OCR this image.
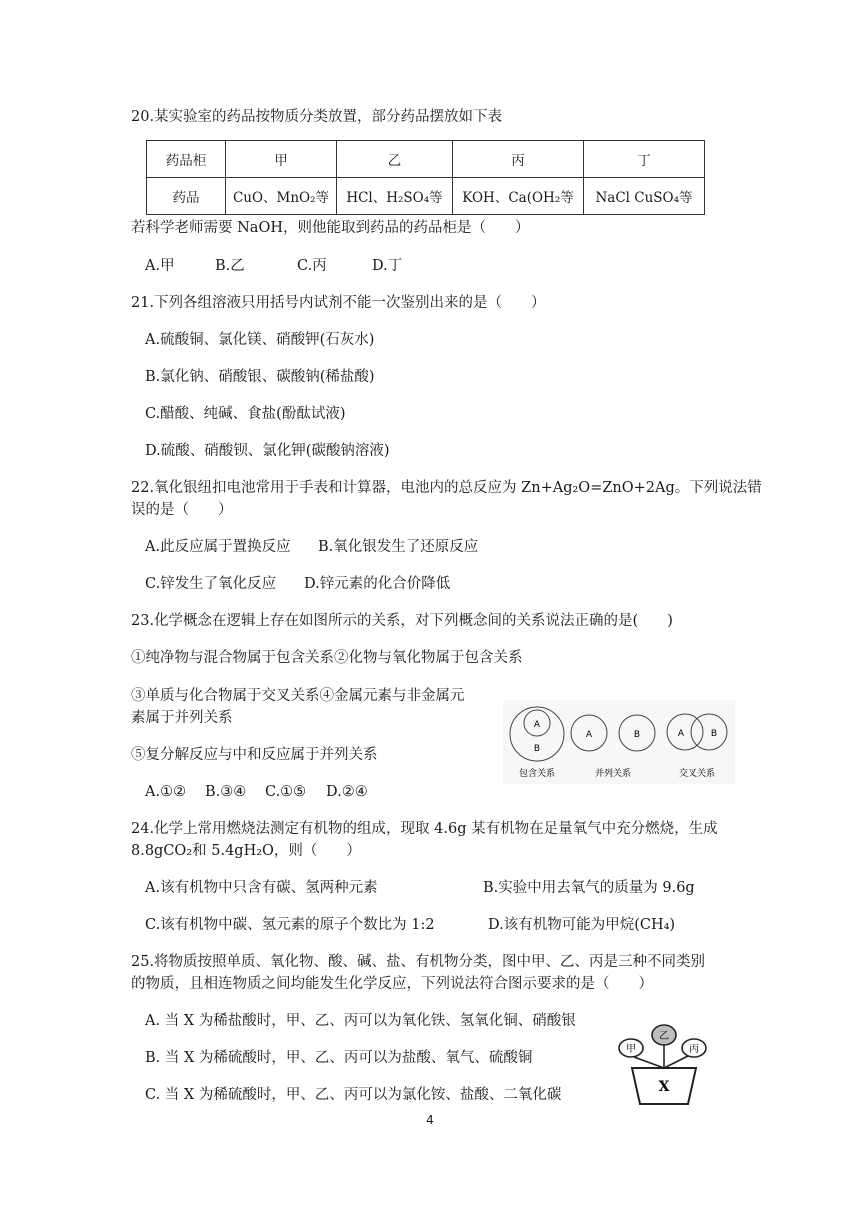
20.某实验室的药品按物质分类放置，部分药品摆放如下表
药品柜	甲	乙	丙	丁
药品	CuO、MnO₂等	HCl、H₂SO₄等	KOH、Ca(OH₂等	NaCl CuSO₄等
若科学老师需要 NaOH，则他能取到药品的药品柜是（　　）
A.甲	B.乙	C.丙	D.丁
21.下列各组溶液只用括号内试剂不能一次鉴别出来的是（　　）
A.硫酸铜、氯化镁、硝酸钾(石灰水)
B.氯化钠、硝酸银、碳酸钠(稀盐酸)
C.醋酸、纯碱、食盐(酚酞试液)
D.硫酸、硝酸钡、氯化钾(碳酸钠溶液)
22.氧化银纽扣电池常用于手表和计算器，电池内的总反应为 Zn+Ag₂O=ZnO+2Ag。下列说法错
误的是（　　）
A.此反应属于置换反应 B.氧化银发生了还原反应
C.锌发生了氧化反应 D.锌元素的化合价降低
23.化学概念在逻辑上存在如图所示的关系，对下列概念间的关系说法正确的是(　　)
①纯净物与混合物属于包含关系②化物与氧化物属于包含关系
③单质与化合物属于交叉关系④金属元素与非金属元
素属于并列关系
⑤复分解反应与中和反应属于并列关系
A.①② B.③④ C.①⑤ D.②④
A
B
包含关系
A	B
并列关系
A	B
交叉关系
24.化学上常用燃烧法测定有机物的组成，现取 4.6g 某有机物在足量氧气中充分燃烧，生成
8.8gCO₂和 5.4gH₂O，则（　　）
A.该有机物中只含有碳、氢两种元素	B.实验中用去氧气的质量为 9.6g
C.该有机物中碳、氢元素的原子个数比为 1:2	D.该有机物可能为甲烷(CH₄)
25.将物质按照单质、氧化物、酸、碱、盐、有机物分类，图中甲、乙、丙是三种不同类别
的物质，且相连物质之间均能发生化学反应，下列说法符合图示要求的是（　　）
A. 当 X 为稀盐酸时，甲、乙、丙可以为氧化铁、氢氧化铜、硝酸银
B. 当 X 为稀硫酸时，甲、乙、丙可以为盐酸、氧气、硫酸铜
C. 当 X 为稀硫酸时，甲、乙、丙可以为氯化铵、盐酸、二氧化碳
甲
乙
丙
X
4
